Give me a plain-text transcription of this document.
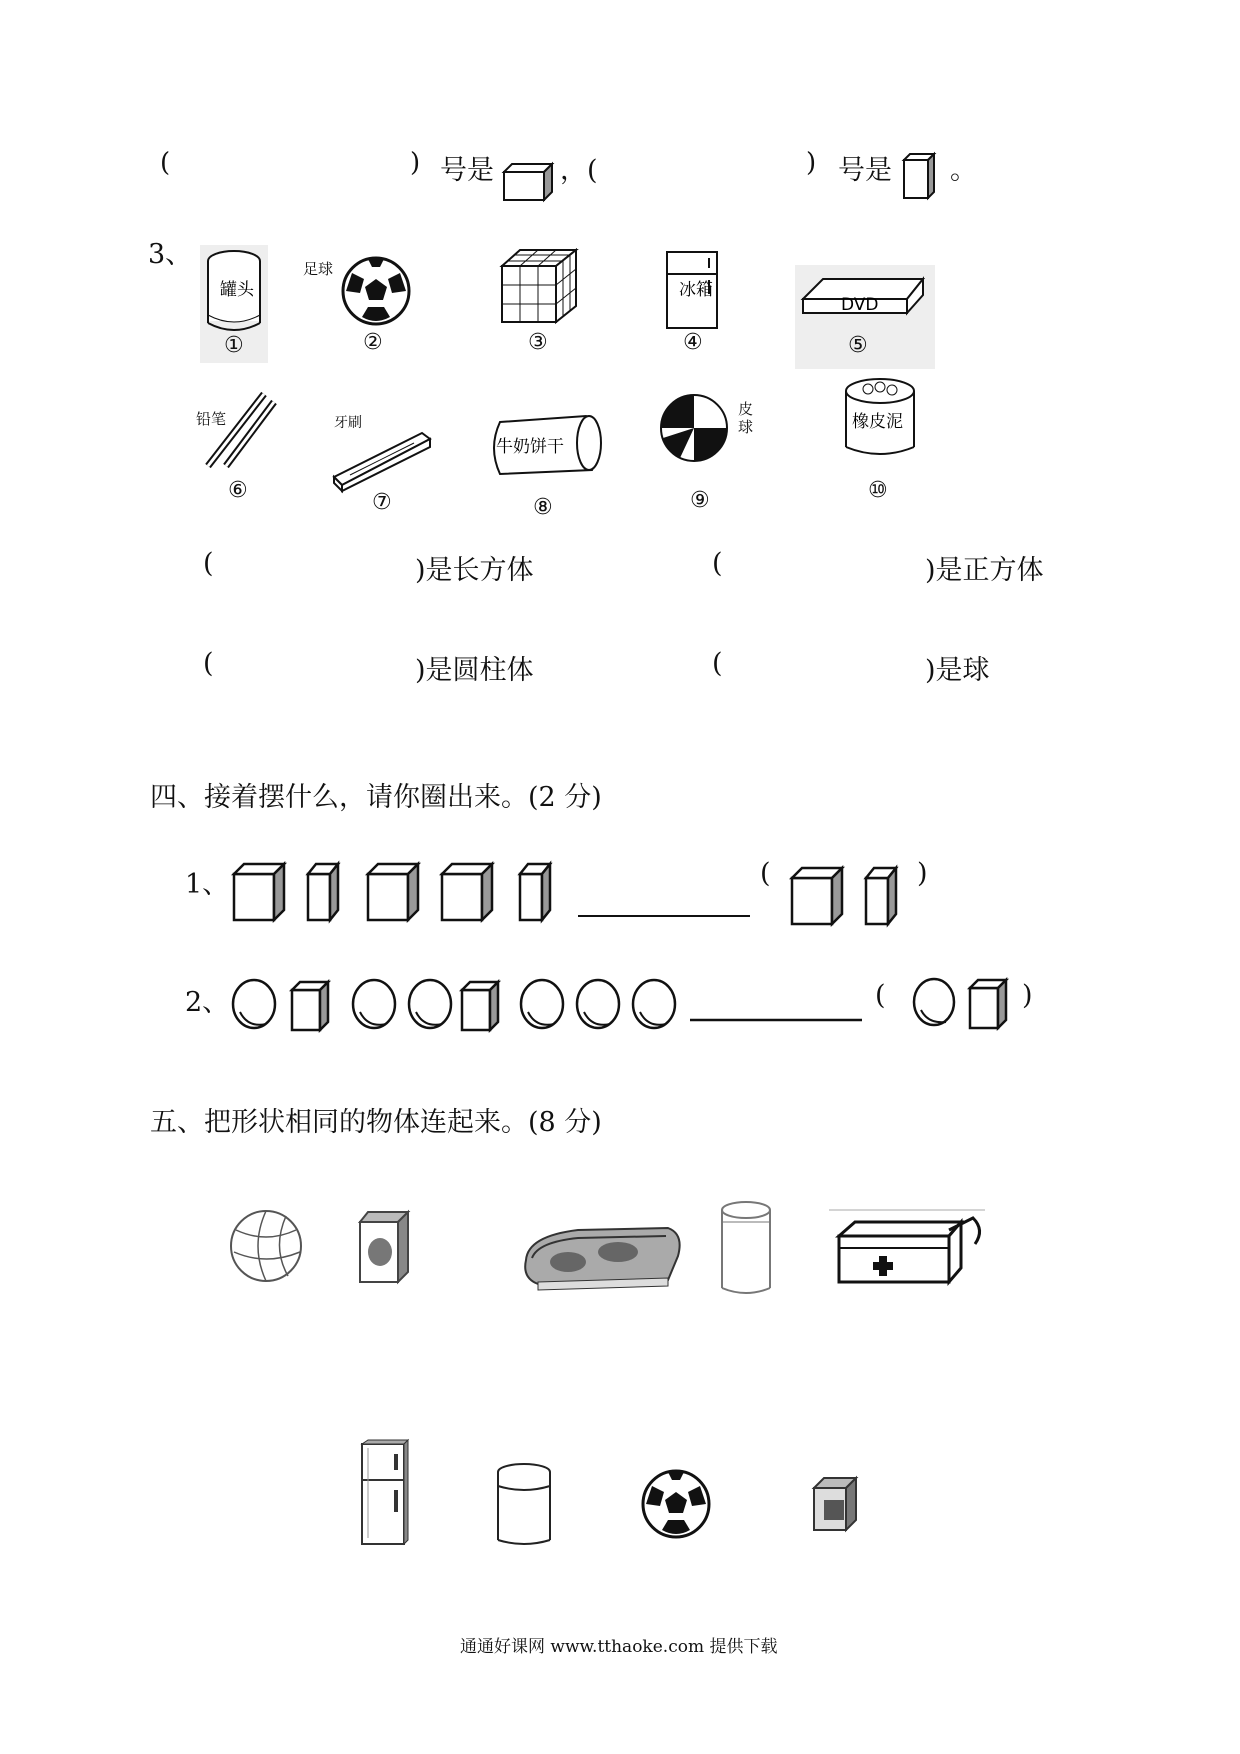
(	) 号是 ，(	) 号是 。
3、
罐头
①
足球
②	③
冰箱
④
DVD
⑤
铅笔
⑥
牙刷
⑦
牛奶饼干
⑧
皮球
⑨
橡皮泥
⑩
(	)是长方体	(	)是正方体
(	)是圆柱体	(	)是球
四、接着摆什么，请你圈出来。(2 分)
1、	(	)
2、	(	)
五、把形状相同的物体连起来。(8 分)
通通好课网 www.tthaoke.com 提供下载
